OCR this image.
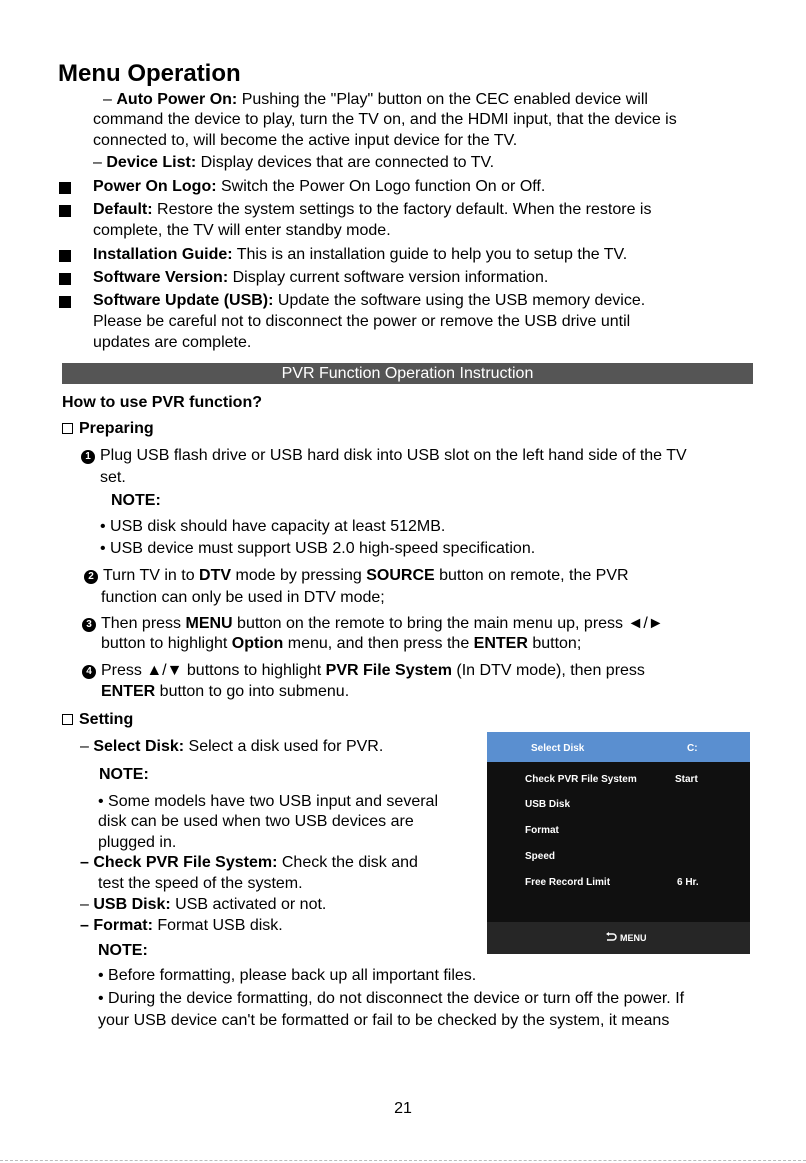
Menu Operation
– Auto Power On: Pushing the "Play" button on the CEC enabled device will
command the device to play, turn the TV on, and the HDMI input, that the device is
connected to, will become the active input device for the TV.
– Device List: Display devices that are connected to TV.
Power On Logo: Switch the Power On Logo function On or Off.
Default: Restore the system settings to the factory default. When the restore is
complete, the TV will enter standby mode.
Installation Guide: This is an installation guide to help you to setup the TV.
Software Version: Display current software version information.
Software Update (USB): Update the software using the USB memory device.
Please be careful not to disconnect the power or remove the USB drive until
updates are complete.
PVR Function Operation Instruction
How to use PVR function?
Preparing
1 Plug USB flash drive or USB hard disk into USB slot on the left hand side of the TV
set.
NOTE:
• USB disk should have capacity at least 512MB.
• USB device must support USB 2.0 high-speed specification.
2 Turn TV in to DTV mode by pressing SOURCE button on remote, the PVR
function can only be used in DTV mode;
3 Then press MENU button on the remote to bring the main menu up, press ◄/►
button to highlight Option menu, and then press the ENTER button;
4 Press ▲/▼ buttons to highlight PVR File System (In DTV mode), then press
ENTER button to go into submenu.
Setting
– Select Disk: Select a disk used for PVR.
NOTE:
• Some models have two USB input and several
disk can be used when two USB devices are
plugged in.
– Check PVR File System: Check the disk and
test the speed of the system.
– USB Disk: USB activated or not.
– Format: Format USB disk.
NOTE:
• Before formatting, please back up all important files.
• During the device formatting, do not disconnect the device or turn off the power. If
your USB device can't be formatted or fail to be checked by the system, it means
Select Disk	C:
Check PVR File System	Start
USB Disk
Format
Speed
Free Record Limit	6 Hr.
MENU
21
